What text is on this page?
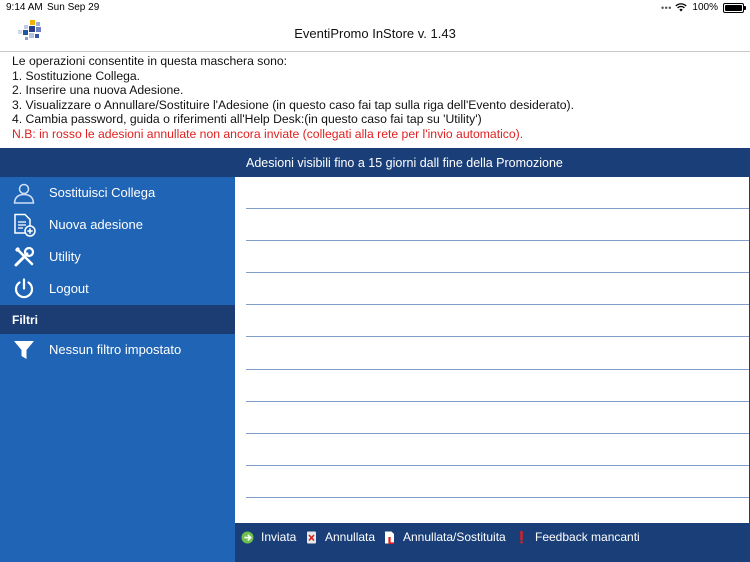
9:14 AM Sun Sep 29	• • • 100%
EventiPromo InStore v. 1.43
Le operazioni consentite in questa maschera sono:
1. Sostituzione Collega.
2. Inserire una nuova Adesione.
3. Visualizzare o Annullare/Sostituire l'Adesione (in questo caso fai tap sulla riga dell'Evento desiderato).
4. Cambia password, guida o riferimenti all'Help Desk:(in questo caso fai tap su 'Utility')
N.B: in rosso le adesioni annullate non ancora inviate (collegati alla rete per l'invio automatico).
Sostituisci Collega
Nuova adesione
Utility
Logout
Filtri
Nessun filtro impostato
Adesioni visibili fino a 15 giorni dall fine della Promozione
Inviata Annullata Annullata/Sostituita Feedback mancanti
